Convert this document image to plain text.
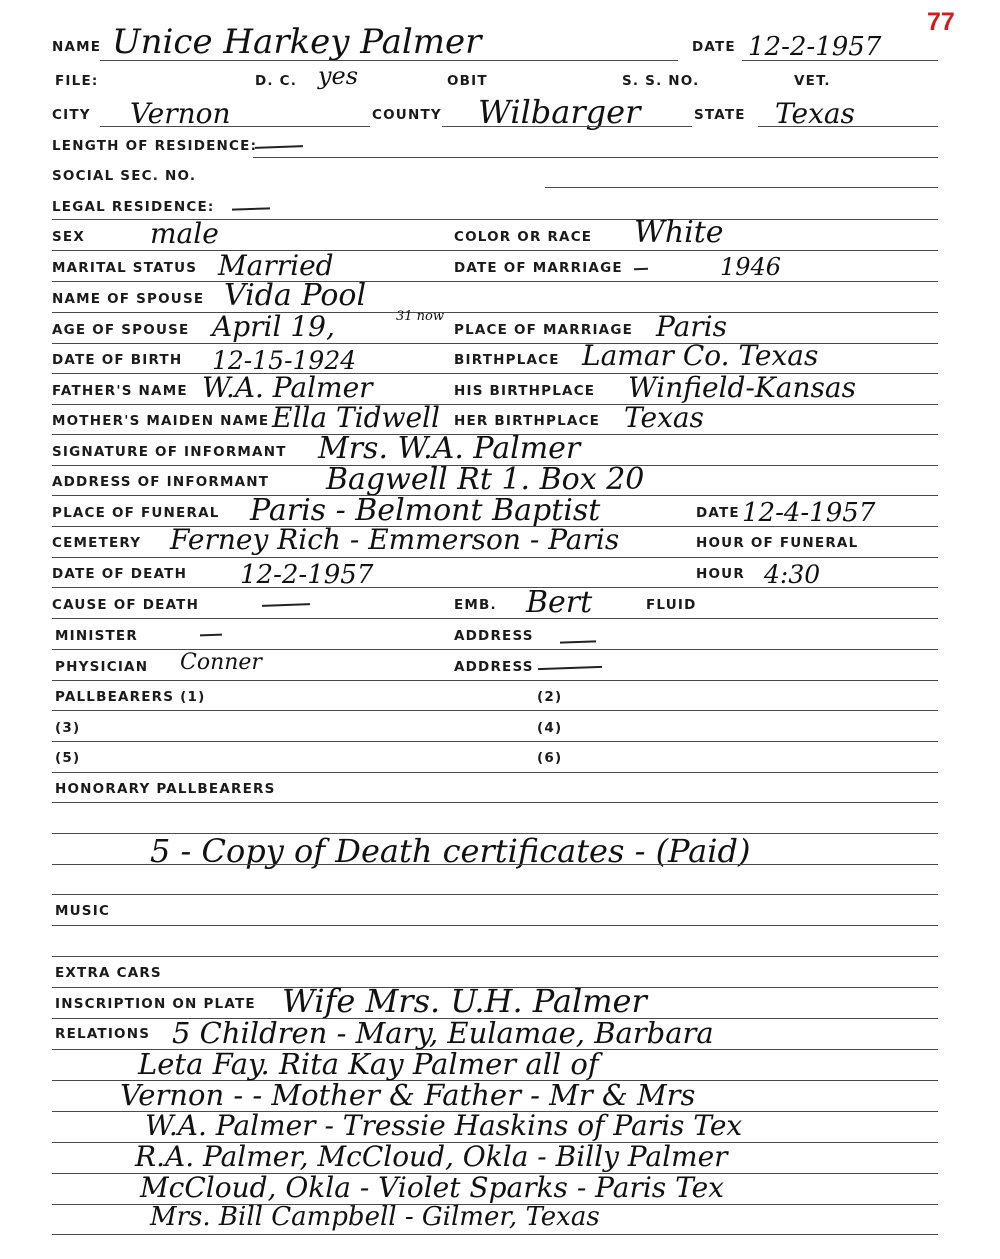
77
NAME Unice Harkey Palmer	DATE 12-2-1957
FILE:	D. C. yes	OBIT	S. S. NO.	VET.
CITY Vernon	COUNTY Wilbarger	STATE Texas
LENGTH OF RESIDENCE:
SOCIAL SEC. NO.
LEGAL RESIDENCE:
SEX male	COLOR OR RACE White
MARITAL STATUS Married	DATE OF MARRIAGE	1946
NAME OF SPOUSE Vida Pool
AGE OF SPOUSE April 19,	31 now
PLACE OF MARRIAGE Paris
DATE OF BIRTH 12-15-1924	BIRTHPLACE Lamar Co. Texas
FATHER'S NAME W.A. Palmer	HIS BIRTHPLACE Winfield-Kansas
MOTHER'S MAIDEN NAME Ella Tidwell HER BIRTHPLACE Texas
SIGNATURE OF INFORMANT Mrs. W.A. Palmer
ADDRESS OF INFORMANT Bagwell Rt 1. Box 20
PLACE OF FUNERAL Paris - Belmont Baptist	DATE 12-4-1957
CEMETERY Ferney Rich - Emmerson - Paris	HOUR OF FUNERAL
DATE OF DEATH 12-2-1957	HOUR 4:30
CAUSE OF DEATH	EMB. Bert	FLUID
MINISTER	ADDRESS
PHYSICIAN Conner	ADDRESS
PALLBEARERS (1)	(2)
(3)	(4)
(5)	(6)
HONORARY PALLBEARERS
5 - Copy of Death certificates - (Paid)
MUSIC
EXTRA CARS
INSCRIPTION ON PLATE Wife Mrs. U.H. Palmer
RELATIONS 5 Children - Mary, Eulamae, Barbara
Leta Fay. Rita Kay Palmer all of
Vernon - - Mother & Father - Mr & Mrs
W.A. Palmer - Tressie Haskins of Paris Tex
R.A. Palmer, McCloud, Okla - Billy Palmer
McCloud, Okla - Violet Sparks - Paris Tex
Mrs. Bill Campbell - Gilmer, Texas
